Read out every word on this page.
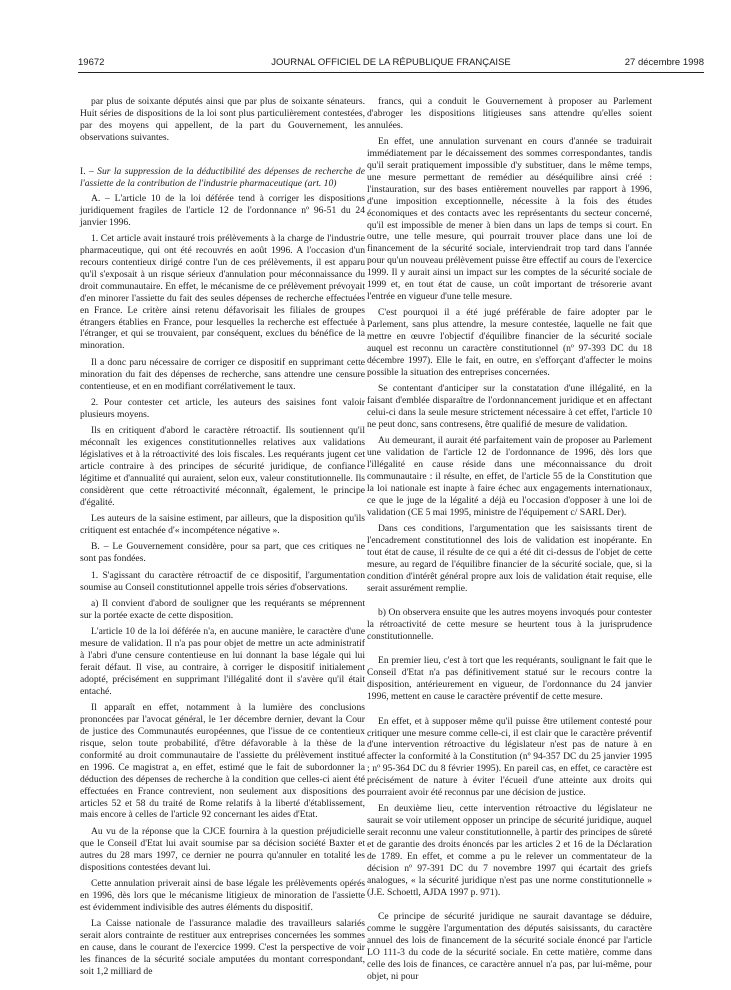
19672	JOURNAL OFFICIEL DE LA RÉPUBLIQUE FRANÇAISE	27 décembre 1998

par plus de soixante députés ainsi que par plus de soixante sénateurs. Huit séries de dispositions de la loi sont plus particulièrement contestées, par des moyens qui appellent, de la part du Gouvernement, les observations suivantes.

I. – Sur la suppression de la déductibilité des dépenses de recherche de l'assiette de la contribution de l'industrie pharmaceutique (art. 10)

A. – L'article 10 de la loi déférée tend à corriger les dispositions juridiquement fragiles de l'article 12 de l'ordonnance nº 96-51 du 24 janvier 1996.

1. Cet article avait instauré trois prélèvements à la charge de l'industrie pharmaceutique, qui ont été recouvrés en août 1996. A l'occasion d'un recours contentieux dirigé contre l'un de ces prélèvements, il est apparu qu'il s'exposait à un risque sérieux d'annulation pour méconnaissance du droit communautaire. En effet, le mécanisme de ce prélèvement prévoyait d'en minorer l'assiette du fait des seules dépenses de recherche effectuées en France. Le critère ainsi retenu défavorisait les filiales de groupes étrangers établies en France, pour lesquelles la recherche est effectuée à l'étranger, et qui se trouvaient, par conséquent, exclues du bénéfice de la minoration.

Il a donc paru nécessaire de corriger ce dispositif en supprimant cette minoration du fait des dépenses de recherche, sans attendre une censure contentieuse, et en en modifiant corrélativement le taux.

2. Pour contester cet article, les auteurs des saisines font valoir plusieurs moyens.

Ils en critiquent d'abord le caractère rétroactif. Ils soutiennent qu'il méconnaît les exigences constitutionnelles relatives aux validations législatives et à la rétroactivité des lois fiscales. Les requérants jugent cet article contraire à des principes de sécurité juridique, de confiance légitime et d'annualité qui auraient, selon eux, valeur constitutionnelle. Ils considèrent que cette rétroactivité méconnaît, également, le principe d'égalité.

Les auteurs de la saisine estiment, par ailleurs, que la disposition qu'ils critiquent est entachée d'« incompétence négative ».

B. – Le Gouvernement considère, pour sa part, que ces critiques ne sont pas fondées.

1. S'agissant du caractère rétroactif de ce dispositif, l'argumentation soumise au Conseil constitutionnel appelle trois séries d'observations.

a) Il convient d'abord de souligner que les requérants se méprennent sur la portée exacte de cette disposition.

L'article 10 de la loi déférée n'a, en aucune manière, le caractère d'une mesure de validation. Il n'a pas pour objet de mettre un acte administratif à l'abri d'une censure contentieuse en lui donnant la base légale qui lui ferait défaut. Il vise, au contraire, à corriger le dispositif initialement adopté, précisément en supprimant l'illégalité dont il s'avère qu'il était entaché.

Il apparaît en effet, notamment à la lumière des conclusions prononcées par l'avocat général, le 1er décembre dernier, devant la Cour de justice des Communautés européennes, que l'issue de ce contentieux risque, selon toute probabilité, d'être défavorable à la thèse de la conformité au droit communautaire de l'assiette du prélèvement institué en 1996. Ce magistrat a, en effet, estimé que le fait de subordonner la déduction des dépenses de recherche à la condition que celles-ci aient été effectuées en France contrevient, non seulement aux dispositions des articles 52 et 58 du traité de Rome relatifs à la liberté d'établissement, mais encore à celles de l'article 92 concernant les aides d'Etat.

Au vu de la réponse que la CJCE fournira à la question préjudicielle que le Conseil d'Etat lui avait soumise par sa décision société Baxter et autres du 28 mars 1997, ce dernier ne pourra qu'annuler en totalité les dispositions contestées devant lui.

Cette annulation priverait ainsi de base légale les prélèvements opérés en 1996, dès lors que le mécanisme litigieux de minoration de l'assiette est évidemment indivisible des autres éléments du dispositif.

La Caisse nationale de l'assurance maladie des travailleurs salariés serait alors contrainte de restituer aux entreprises concernées les sommes en cause, dans le courant de l'exercice 1999. C'est la perspective de voir les finances de la sécurité sociale amputées du montant correspondant, soit 1,2 milliard de

francs, qui a conduit le Gouvernement à proposer au Parlement d'abroger les dispositions litigieuses sans attendre qu'elles soient annulées.

En effet, une annulation survenant en cours d'année se traduirait immédiatement par le décaissement des sommes correspondantes, tandis qu'il serait pratiquement impossible d'y substituer, dans le même temps, une mesure permettant de remédier au déséquilibre ainsi créé : l'instauration, sur des bases entièrement nouvelles par rapport à 1996, d'une imposition exceptionnelle, nécessite à la fois des études économiques et des contacts avec les représentants du secteur concerné, qu'il est impossible de mener à bien dans un laps de temps si court. En outre, une telle mesure, qui pourrait trouver place dans une loi de financement de la sécurité sociale, interviendrait trop tard dans l'année pour qu'un nouveau prélèvement puisse être effectif au cours de l'exercice 1999. Il y aurait ainsi un impact sur les comptes de la sécurité sociale de 1999 et, en tout état de cause, un coût important de trésorerie avant l'entrée en vigueur d'une telle mesure.

C'est pourquoi il a été jugé préférable de faire adopter par le Parlement, sans plus attendre, la mesure contestée, laquelle ne fait que mettre en œuvre l'objectif d'équilibre financier de la sécurité sociale auquel est reconnu un caractère constitutionnel (nº 97-393 DC du 18 décembre 1997). Elle le fait, en outre, en s'efforçant d'affecter le moins possible la situation des entreprises concernées.

Se contentant d'anticiper sur la constatation d'une illégalité, en la faisant d'emblée disparaître de l'ordonnancement juridique et en affectant celui-ci dans la seule mesure strictement nécessaire à cet effet, l'article 10 ne peut donc, sans contresens, être qualifié de mesure de validation.

Au demeurant, il aurait été parfaitement vain de proposer au Parlement une validation de l'article 12 de l'ordonnance de 1996, dès lors que l'illégalité en cause réside dans une méconnaissance du droit communautaire : il résulte, en effet, de l'article 55 de la Constitution que la loi nationale est inapte à faire échec aux engagements internationaux, ce que le juge de la légalité a déjà eu l'occasion d'opposer à une loi de validation (CE 5 mai 1995, ministre de l'équipement c/ SARL Der).

Dans ces conditions, l'argumentation que les saisissants tirent de l'encadrement constitutionnel des lois de validation est inopérante. En tout état de cause, il résulte de ce qui a été dit ci-dessus de l'objet de cette mesure, au regard de l'équilibre financier de la sécurité sociale, que, si la condition d'intérêt général propre aux lois de validation était requise, elle serait assurément remplie.

b) On observera ensuite que les autres moyens invoqués pour contester la rétroactivité de cette mesure se heurtent tous à la jurisprudence constitutionnelle.

En premier lieu, c'est à tort que les requérants, soulignant le fait que le Conseil d'Etat n'a pas définitivement statué sur le recours contre la disposition, antérieurement en vigueur, de l'ordonnance du 24 janvier 1996, mettent en cause le caractère préventif de cette mesure.

En effet, et à supposer même qu'il puisse être utilement contesté pour critiquer une mesure comme celle-ci, il est clair que le caractère préventif d'une intervention rétroactive du législateur n'est pas de nature à en affecter la conformité à la Constitution (nº 94-357 DC du 25 janvier 1995 ; nº 95-364 DC du 8 février 1995). En pareil cas, en effet, ce caractère est précisément de nature à éviter l'écueil d'une atteinte aux droits qui pourraient avoir été reconnus par une décision de justice.

En deuxième lieu, cette intervention rétroactive du législateur ne saurait se voir utilement opposer un principe de sécurité juridique, auquel serait reconnu une valeur constitutionnelle, à partir des principes de sûreté et de garantie des droits énoncés par les articles 2 et 16 de la Déclaration de 1789. En effet, et comme a pu le relever un commentateur de la décision nº 97-391 DC du 7 novembre 1997 qui écartait des griefs analogues, « la sécurité juridique n'est pas une norme constitutionnelle » (J.E. Schoettl, AJDA 1997 p. 971).

Ce principe de sécurité juridique ne saurait davantage se déduire, comme le suggère l'argumentation des députés saisissants, du caractère annuel des lois de financement de la sécurité sociale énoncé par l'article LO 111-3 du code de la sécurité sociale. En cette matière, comme dans celle des lois de finances, ce caractère annuel n'a pas, par lui-même, pour objet, ni pour
